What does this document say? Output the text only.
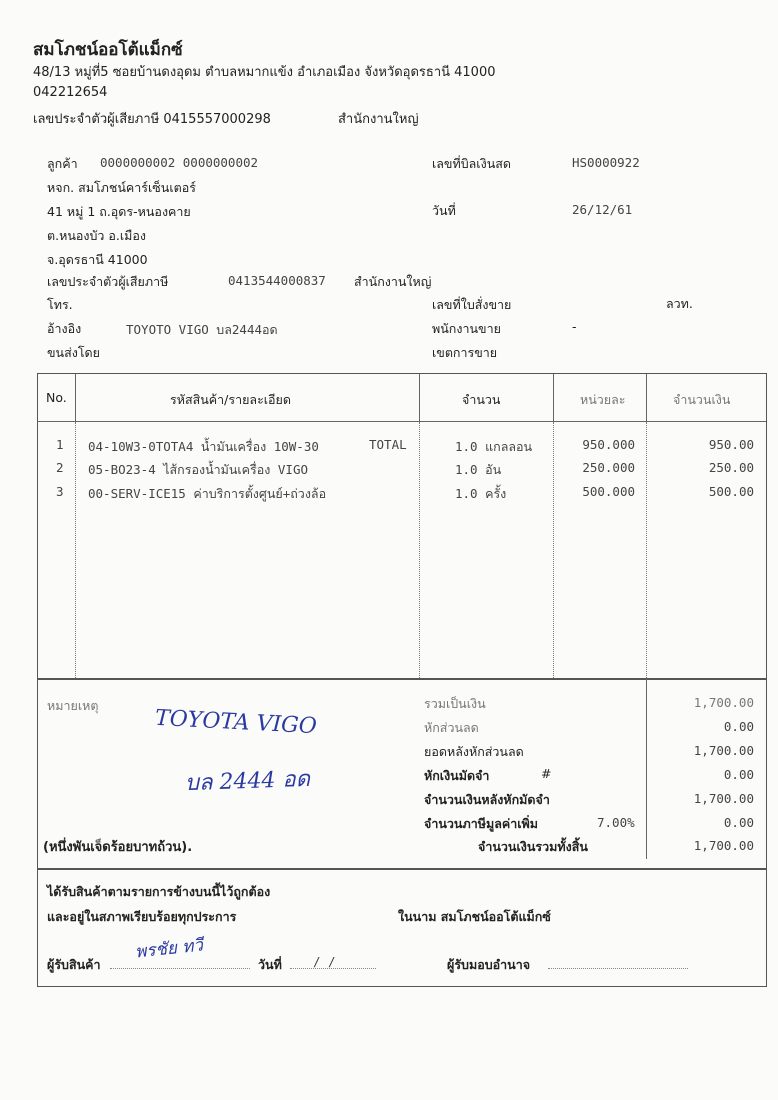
สมโภชน์ออโต้แม็กซ์
48/13 หมู่ที่5 ซอยบ้านดงอุดม ตำบลหมากแข้ง อำเภอเมือง จังหวัดอุดรธานี 41000
042212654
เลขประจำตัวผู้เสียภาษี 0415557000298	สำนักงานใหญ่
ลูกค้า 0000000002 0000000002
หจก. สมโภชน์คาร์เซ็นเตอร์
41 หมู่ 1 ถ.อุดร-หนองคาย
ต.หนองบัว อ.เมือง
จ.อุดรธานี 41000
เลขประจำตัวผู้เสียภาษี	0413544000837 สำนักงานใหญ่
โทร.
อ้างอิง	TOYOTO VIGO บล2444อด
ขนส่งโดย
เลขที่บิลเงินสด	HS0000922
วันที่	26/12/61
เลขที่ใบสั่งขาย	ลวท.
พนักงานขาย	-
เขตการขาย
No.	รหัสสินค้า/รายละเอียด	จำนวน	หน่วยละ	จำนวนเงิน
1 04-10W3-0TOTA4 น้ำมันเครื่อง 10W-30	TOTAL	1.0 แกลลอน	950.000	950.00
2 05-BO23-4 ไส้กรองน้ำมันเครื่อง VIGO	1.0 อัน	250.000	250.00
3 00-SERV-ICE15 ค่าบริการตั้งศูนย์+ถ่วงล้อ	1.0 ครั้ง	500.000	500.00
หมายเหตุ
TOYOTA VIGO
บล 2444 อด
(หนึ่งพันเจ็ดร้อยบาทถ้วน).
รวมเป็นเงิน	1,700.00
หักส่วนลด	0.00
ยอดหลังหักส่วนลด	1,700.00
หักเงินมัดจำ	#	0.00
จำนวนเงินหลังหักมัดจำ	1,700.00
จำนวนภาษีมูลค่าเพิ่ม	7.00%	0.00
จำนวนเงินรวมทั้งสิ้น	1,700.00
ได้รับสินค้าตามรายการข้างบนนี้ไว้ถูกต้อง
และอยู่ในสภาพเรียบร้อยทุกประการ	ในนาม สมโภชน์ออโต้แม็กซ์
ผู้รับสินค้า
พรชัย ทวี
วันที่ / /	ผู้รับมอบอำนาจ
